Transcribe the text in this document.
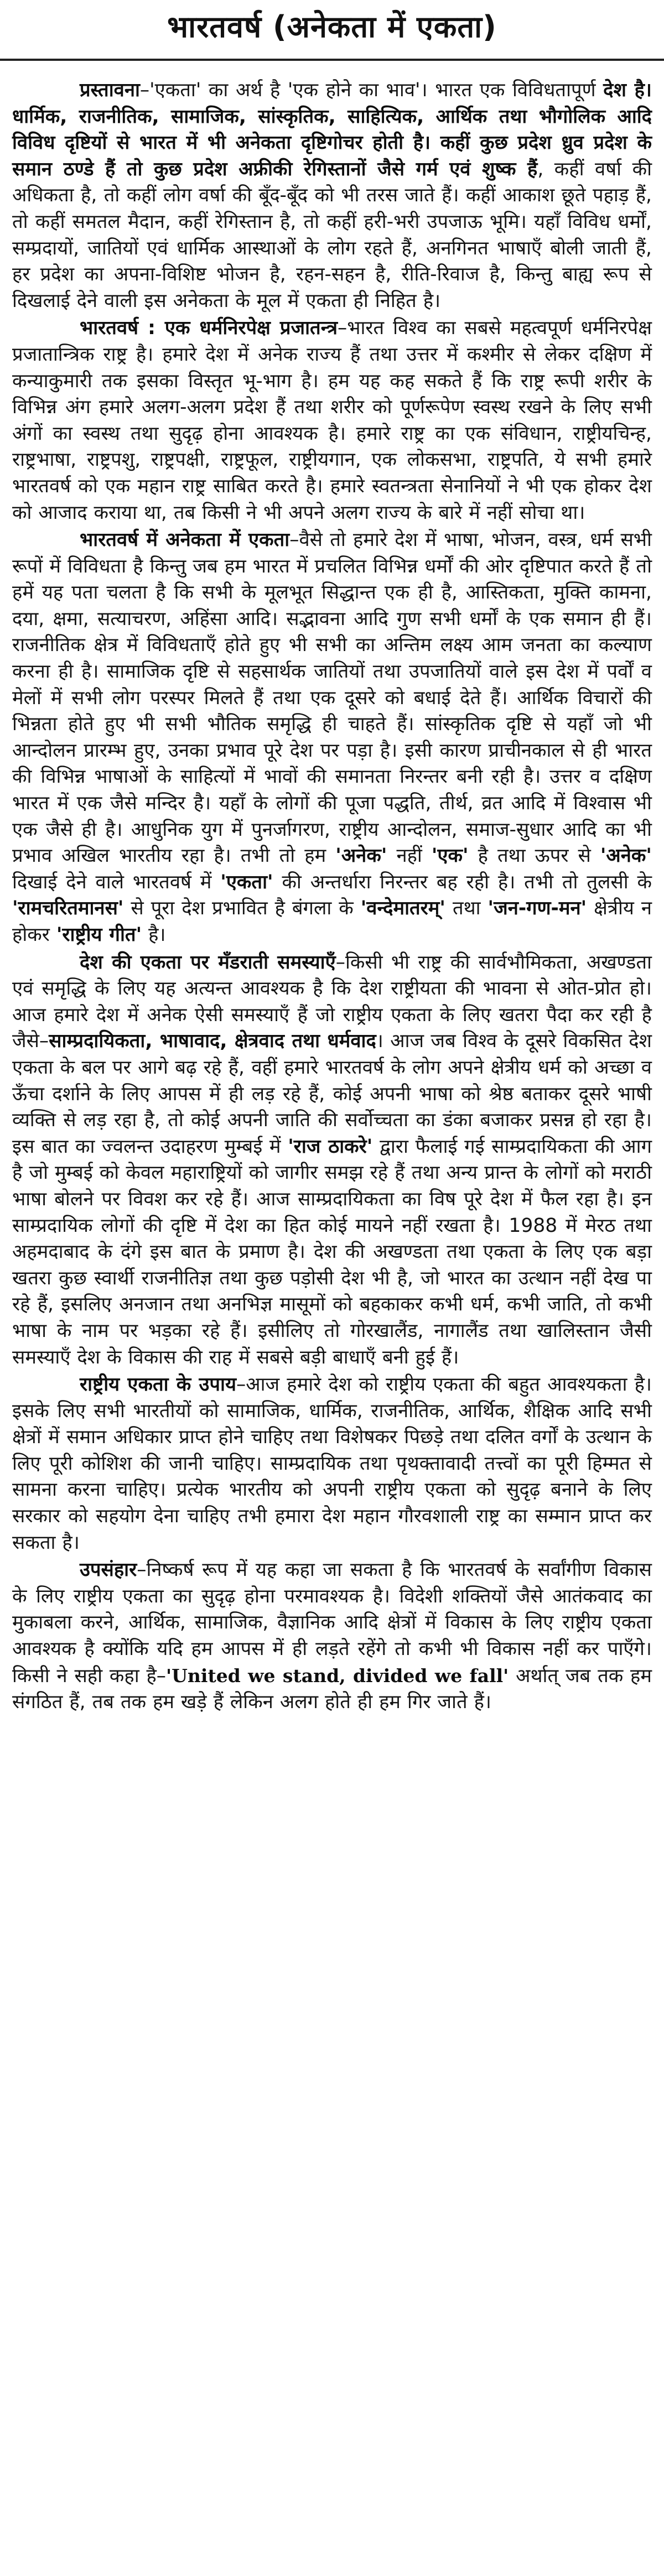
भारतवर्ष (अनेकता में एकता)

प्रस्तावना–'एकता' का अर्थ है 'एक होने का भाव'। भारत एक विविधतापूर्ण देश है। धार्मिक, राजनीतिक, सामाजिक, सांस्कृतिक, साहित्यिक, आर्थिक तथा भौगोलिक आदि विविध दृष्टियों से भारत में भी अनेकता दृष्टिगोचर होती है। कहीं कुछ प्रदेश ध्रुव प्रदेश के समान ठण्डे हैं तो कुछ प्रदेश अफ्रीकी रेगिस्तानों जैसे गर्म एवं शुष्क हैं, कहीं वर्षा की अधिकता है, तो कहीं लोग वर्षा की बूँद-बूँद को भी तरस जाते हैं। कहीं आकाश छूते पहाड़ हैं, तो कहीं समतल मैदान, कहीं रेगिस्तान है, तो कहीं हरी-भरी उपजाऊ भूमि। यहाँ विविध धर्मों, सम्प्रदायों, जातियों एवं धार्मिक आस्थाओं के लोग रहते हैं, अनगिनत भाषाएँ बोली जाती हैं, हर प्रदेश का अपना-विशिष्ट भोजन है, रहन-सहन है, रीति-रिवाज है, किन्तु बाह्य रूप से दिखलाई देने वाली इस अनेकता के मूल में एकता ही निहित है।

भारतवर्ष : एक धर्मनिरपेक्ष प्रजातन्त्र–भारत विश्व का सबसे महत्वपूर्ण धर्मनिरपेक्ष प्रजातान्त्रिक राष्ट्र है। हमारे देश में अनेक राज्य हैं तथा उत्तर में कश्मीर से लेकर दक्षिण में कन्याकुमारी तक इसका विस्तृत भू-भाग है। हम यह कह सकते हैं कि राष्ट्र रूपी शरीर के विभिन्न अंग हमारे अलग-अलग प्रदेश हैं तथा शरीर को पूर्णरूपेण स्वस्थ रखने के लिए सभी अंगों का स्वस्थ तथा सुदृढ़ होना आवश्यक है। हमारे राष्ट्र का एक संविधान, राष्ट्रीयचिन्ह, राष्ट्रभाषा, राष्ट्रपशु, राष्ट्रपक्षी, राष्ट्रफूल, राष्ट्रीयगान, एक लोकसभा, राष्ट्रपति, ये सभी हमारे भारतवर्ष को एक महान राष्ट्र साबित करते है। हमारे स्वतन्त्रता सेनानियों ने भी एक होकर देश को आजाद कराया था, तब किसी ने भी अपने अलग राज्य के बारे में नहीं सोचा था।

भारतवर्ष में अनेकता में एकता–वैसे तो हमारे देश में भाषा, भोजन, वस्त्र, धर्म सभी रूपों में विविधता है किन्तु जब हम भारत में प्रचलित विभिन्न धर्मों की ओर दृष्टिपात करते हैं तो हमें यह पता चलता है कि सभी के मूलभूत सिद्धान्त एक ही है, आस्तिकता, मुक्ति कामना, दया, क्षमा, सत्याचरण, अहिंसा आदि। सद्भावना आदि गुण सभी धर्मों के एक समान ही हैं। राजनीतिक क्षेत्र में विविधताएँ होते हुए भी सभी का अन्तिम लक्ष्य आम जनता का कल्याण करना ही है। सामाजिक दृष्टि से सहसार्थक जातियों तथा उपजातियों वाले इस देश में पर्वों व मेलों में सभी लोग परस्पर मिलते हैं तथा एक दूसरे को बधाई देते हैं। आर्थिक विचारों की भिन्नता होते हुए भी सभी भौतिक समृद्धि ही चाहते हैं। सांस्कृतिक दृष्टि से यहाँ जो भी आन्दोलन प्रारम्भ हुए, उनका प्रभाव पूरे देश पर पड़ा है। इसी कारण प्राचीनकाल से ही भारत की विभिन्न भाषाओं के साहित्यों में भावों की समानता निरन्तर बनी रही है। उत्तर व दक्षिण भारत में एक जैसे मन्दिर है। यहाँ के लोगों की पूजा पद्धति, तीर्थ, व्रत आदि में विश्वास भी एक जैसे ही है। आधुनिक युग में पुनर्जागरण, राष्ट्रीय आन्दोलन, समाज-सुधार आदि का भी प्रभाव अखिल भारतीय रहा है। तभी तो हम 'अनेक' नहीं 'एक' है तथा ऊपर से 'अनेक' दिखाई देने वाले भारतवर्ष में 'एकता' की अन्तर्धारा निरन्तर बह रही है। तभी तो तुलसी के 'रामचरितमानस' से पूरा देश प्रभावित है बंगला के 'वन्देमातरम्' तथा 'जन-गण-मन' क्षेत्रीय न होकर 'राष्ट्रीय गीत' है।

देश की एकता पर मँडराती समस्याएँ–किसी भी राष्ट्र की सार्वभौमिकता, अखण्डता एवं समृद्धि के लिए यह अत्यन्त आवश्यक है कि देश राष्ट्रीयता की भावना से ओत-प्रोत हो। आज हमारे देश में अनेक ऐसी समस्याएँ हैं जो राष्ट्रीय एकता के लिए खतरा पैदा कर रही है जैसे–साम्प्रदायिकता, भाषावाद, क्षेत्रवाद तथा धर्मवाद। आज जब विश्व के दूसरे विकसित देश एकता के बल पर आगे बढ़ रहे हैं, वहीं हमारे भारतवर्ष के लोग अपने क्षेत्रीय धर्म को अच्छा व ऊँचा दर्शाने के लिए आपस में ही लड़ रहे हैं, कोई अपनी भाषा को श्रेष्ठ बताकर दूसरे भाषी व्यक्ति से लड़ रहा है, तो कोई अपनी जाति की सर्वोच्चता का डंका बजाकर प्रसन्न हो रहा है। इस बात का ज्वलन्त उदाहरण मुम्बई में 'राज ठाकरे' द्वारा फैलाई गई साम्प्रदायिकता की आग है जो मुम्बई को केवल महाराष्ट्रियों को जागीर समझ रहे हैं तथा अन्य प्रान्त के लोगों को मराठी भाषा बोलने पर विवश कर रहे हैं। आज साम्प्रदायिकता का विष पूरे देश में फैल रहा है। इन साम्प्रदायिक लोगों की दृष्टि में देश का हित कोई मायने नहीं रखता है। 1988 में मेरठ तथा अहमदाबाद के दंगे इस बात के प्रमाण है। देश की अखण्डता तथा एकता के लिए एक बड़ा खतरा कुछ स्वार्थी राजनीतिज्ञ तथा कुछ पड़ोसी देश भी है, जो भारत का उत्थान नहीं देख पा रहे हैं, इसलिए अनजान तथा अनभिज्ञ मासूमों को बहकाकर कभी धर्म, कभी जाति, तो कभी भाषा के नाम पर भड़का रहे हैं। इसीलिए तो गोरखालैंड, नागालैंड तथा खालिस्तान जैसी समस्याएँ देश के विकास की राह में सबसे बड़ी बाधाएँ बनी हुई हैं।

राष्ट्रीय एकता के उपाय–आज हमारे देश को राष्ट्रीय एकता की बहुत आवश्यकता है। इसके लिए सभी भारतीयों को सामाजिक, धार्मिक, राजनीतिक, आर्थिक, शैक्षिक आदि सभी क्षेत्रों में समान अधिकार प्राप्त होने चाहिए तथा विशेषकर पिछड़े तथा दलित वर्गों के उत्थान के लिए पूरी कोशिश की जानी चाहिए। साम्प्रदायिक तथा पृथक्तावादी तत्त्वों का पूरी हिम्मत से सामना करना चाहिए। प्रत्येक भारतीय को अपनी राष्ट्रीय एकता को सुदृढ़ बनाने के लिए सरकार को सहयोग देना चाहिए तभी हमारा देश महान गौरवशाली राष्ट्र का सम्मान प्राप्त कर सकता है।

उपसंहार–निष्कर्ष रूप में यह कहा जा सकता है कि भारतवर्ष के सर्वांगीण विकास के लिए राष्ट्रीय एकता का सुदृढ़ होना परमावश्यक है। विदेशी शक्तियों जैसे आतंकवाद का मुकाबला करने, आर्थिक, सामाजिक, वैज्ञानिक आदि क्षेत्रों में विकास के लिए राष्ट्रीय एकता आवश्यक है क्योंकि यदि हम आपस में ही लड़ते रहेंगे तो कभी भी विकास नहीं कर पाएँगे। किसी ने सही कहा है–'United we stand, divided we fall' अर्थात् जब तक हम संगठित हैं, तब तक हम खड़े हैं लेकिन अलग होते ही हम गिर जाते हैं।
